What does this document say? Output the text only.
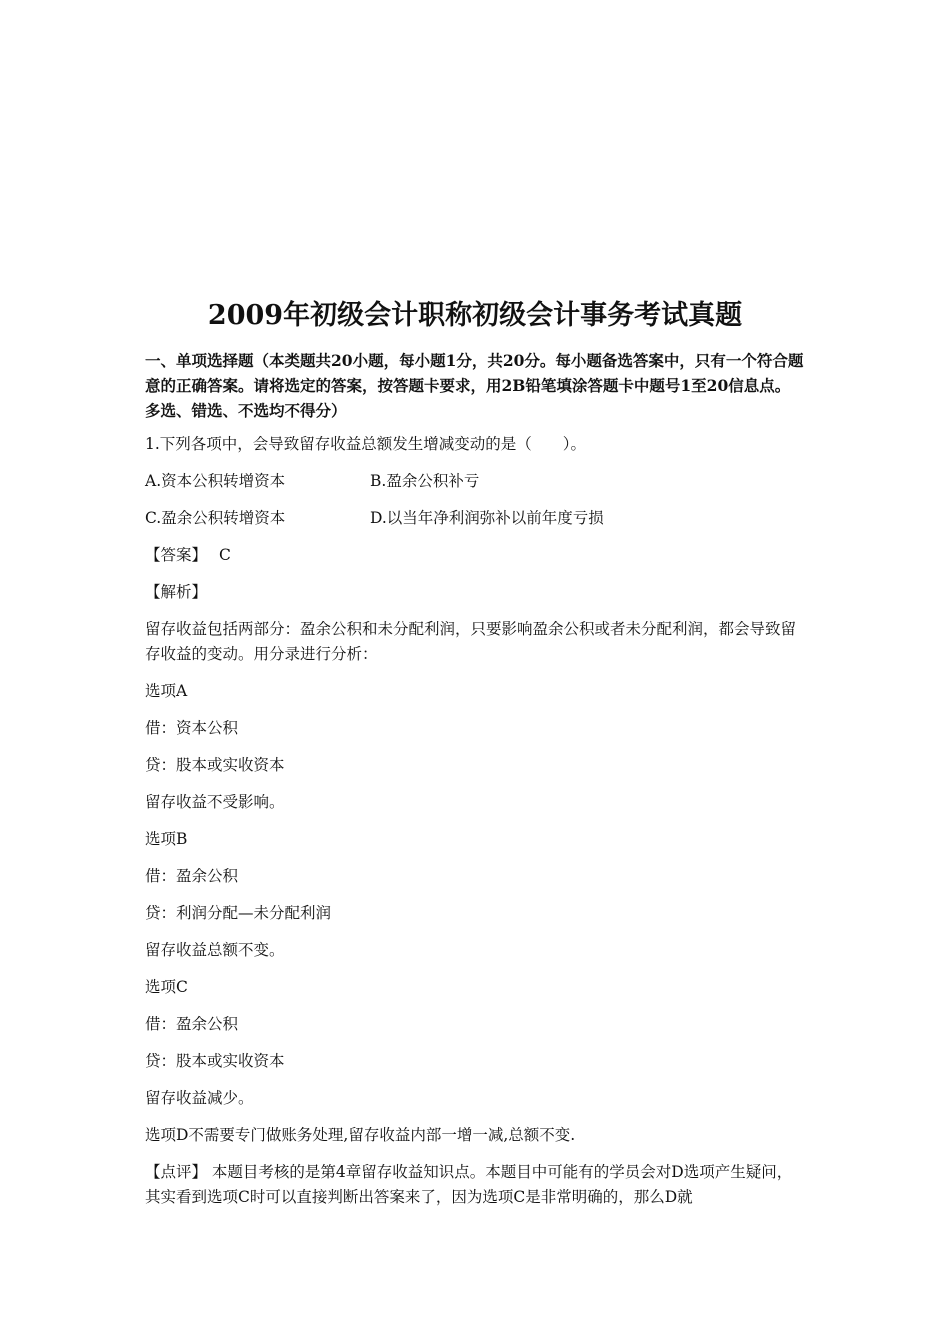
2009年初级会计职称初级会计事务考试真题
一、单项选择题（本类题共20小题，每小题1分，共20分。每小题备选答案中，只有一个符合题意的正确答案。请将选定的答案，按答题卡要求，用2B铅笔填涂答题卡中题号1至20信息点。多选、错选、不选均不得分）
1.下列各项中，会导致留存收益总额发生增减变动的是（　　）。
A.资本公积转增资本	B.盈余公积补亏
C.盈余公积转增资本	D.以当年净利润弥补以前年度亏损
【答案】 C
【解析】
留存收益包括两部分：盈余公积和未分配利润，只要影响盈余公积或者未分配利润，都会导致留存收益的变动。用分录进行分析：
选项A
借：资本公积
贷：股本或实收资本
留存收益不受影响。
选项B
借：盈余公积
贷：利润分配—未分配利润
留存收益总额不变。
选项C
借：盈余公积
贷：股本或实收资本
留存收益减少。
选项D不需要专门做账务处理,留存收益内部一增一减,总额不变.
【点评】 本题目考核的是第4章留存收益知识点。本题目中可能有的学员会对D选项产生疑问，其实看到选项C时可以直接判断出答案来了，因为选项C是非常明确的，那么D就
